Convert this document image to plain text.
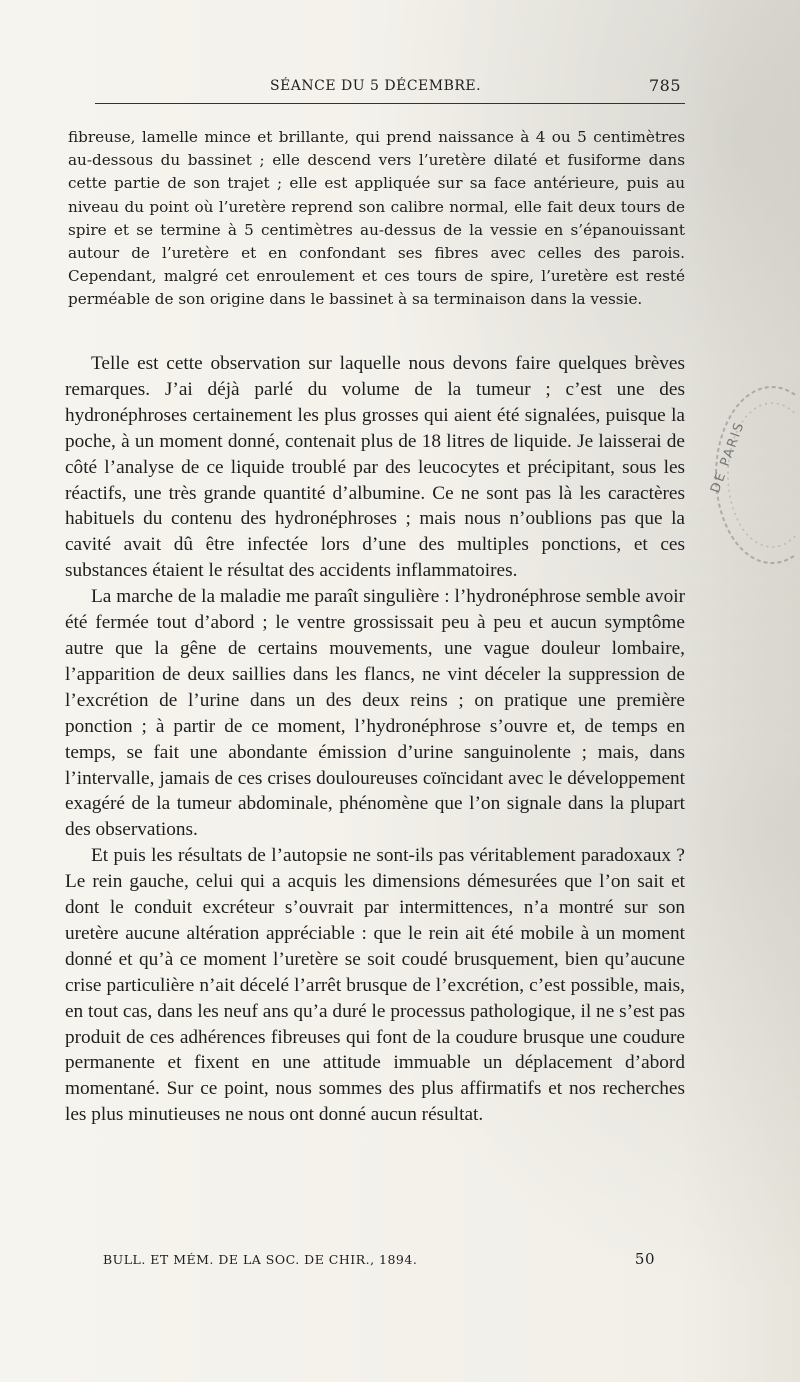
SÉANCE DU 5 DÉCEMBRE.	785

fibreuse, lamelle mince et brillante, qui prend naissance à 4 ou 5 centimètres au-dessous du bassinet ; elle descend vers l’uretère dilaté et fusiforme dans cette partie de son trajet ; elle est appliquée sur sa face antérieure, puis au niveau du point où l’uretère reprend son calibre normal, elle fait deux tours de spire et se termine à 5 centimètres au-dessus de la vessie en s’épanouissant autour de l’uretère et en confondant ses fibres avec celles des parois. Cependant, malgré cet enroulement et ces tours de spire, l’uretère est resté perméable de son origine dans le bassinet à sa terminaison dans la vessie.

Telle est cette observation sur laquelle nous devons faire quelques brèves remarques. J’ai déjà parlé du volume de la tumeur ; c’est une des hydronéphroses certainement les plus grosses qui aient été signalées, puisque la poche, à un moment donné, contenait plus de 18 litres de liquide. Je laisserai de côté l’analyse de ce liquide troublé par des leucocytes et précipitant, sous les réactifs, une très grande quantité d’albumine. Ce ne sont pas là les caractères habituels du contenu des hydronéphroses ; mais nous n’oublions pas que la cavité avait dû être infectée lors d’une des multiples ponctions, et ces substances étaient le résultat des accidents inflammatoires.

La marche de la maladie me paraît singulière : l’hydronéphrose semble avoir été fermée tout d’abord ; le ventre grossissait peu à peu et aucun symptôme autre que la gêne de certains mouvements, une vague douleur lombaire, l’apparition de deux saillies dans les flancs, ne vint déceler la suppression de l’excrétion de l’urine dans un des deux reins ; on pratique une première ponction ; à partir de ce moment, l’hydronéphrose s’ouvre et, de temps en temps, se fait une abondante émission d’urine sanguinolente ; mais, dans l’intervalle, jamais de ces crises douloureuses coïncidant avec le développement exagéré de la tumeur abdominale, phénomène que l’on signale dans la plupart des observations.

Et puis les résultats de l’autopsie ne sont-ils pas véritablement paradoxaux ? Le rein gauche, celui qui a acquis les dimensions démesurées que l’on sait et dont le conduit excréteur s’ouvrait par intermittences, n’a montré sur son uretère aucune altération appréciable : que le rein ait été mobile à un moment donné et qu’à ce moment l’uretère se soit coudé brusquement, bien qu’aucune crise particulière n’ait décelé l’arrêt brusque de l’excrétion, c’est possible, mais, en tout cas, dans les neuf ans qu’a duré le processus pathologique, il ne s’est pas produit de ces adhérences fibreuses qui font de la coudure brusque une coudure permanente et fixent en une attitude immuable un déplacement d’abord momentané. Sur ce point, nous sommes des plus affirmatifs et nos recherches les plus minutieuses ne nous ont donné aucun résultat.

BULL. ET MÉM. DE LA SOC. DE CHIR., 1894.	50
DE PARIS
